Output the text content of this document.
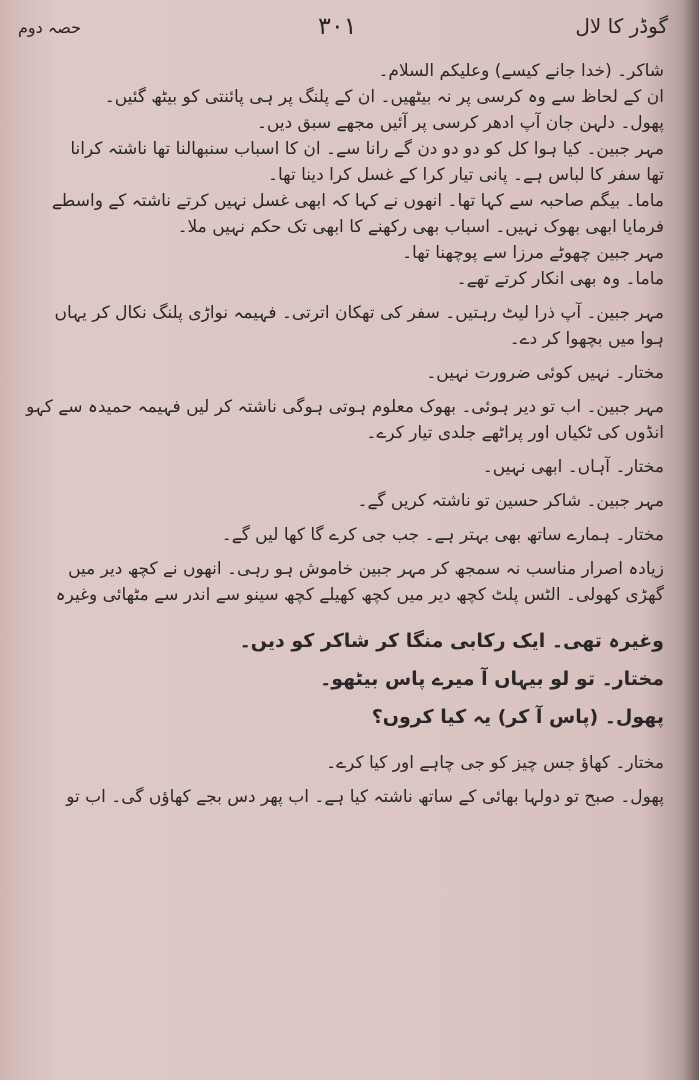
گوڈر کا لال
۳۰۱
حصہ دوم
شاکر۔ (خدا جانے کیسے) وعلیکم السلام۔
ان کے لحاظ سے وہ کرسی پر نہ بیٹھیں۔ ان کے پلنگ پر ہی پائنتی کو بیٹھ گئیں۔
پھول۔ دلہن جان آپ ادھر کرسی پر آئیں مجھے سبق دیں۔
مہر جبین۔ کیا ہوا کل کو دو دو دن گے رانا سے۔ ان کا اسباب سنبھالنا تھا ناشتہ کرانا
تھا سفر کا لباس ہے۔ پانی تیار کرا کے غسل کرا دینا تھا۔
ماما۔ بیگم صاحبہ سے کہا تھا۔ انھوں نے کہا کہ ابھی غسل نہیں کرتے ناشتہ کے واسطے
فرمایا ابھی بھوک نہیں۔ اسباب بھی رکھنے کا ابھی تک حکم نہیں ملا۔
مہر جبین چھوٹے مرزا سے پوچھنا تھا۔
ماما۔ وہ بھی انکار کرتے تھے۔
مہر جبین۔ آپ ذرا لیٹ رہتیں۔ سفر کی تھکان اترتی۔ فہیمہ نواڑی پلنگ نکال کر یہاں
ہوا میں بچھوا کر دے۔
مختار۔ نہیں کوئی ضرورت نہیں۔
مہر جبین۔ اب تو دیر ہوئی۔ بھوک معلوم ہوتی ہوگی ناشتہ کر لیں فہیمہ حمیدہ سے کہو
انڈوں کی ٹکیاں اور پراٹھے جلدی تیار کرے۔
مختار۔ آہاں۔ ابھی نہیں۔
مہر جبین۔ شاکر حسین تو ناشتہ کریں گے۔
مختار۔ ہمارے ساتھ بھی بہتر ہے۔ جب جی کرے گا کھا لیں گے۔
زیادہ اصرار مناسب نہ سمجھ کر مہر جبین خاموش ہو رہی۔ انھوں نے کچھ دیر میں
گھڑی کھولی۔ الٹس پلٹ کچھ دیر میں کچھ کھیلے کچھ سینو سے اندر سے مٹھائی وغیرہ
وغیرہ تھی۔ ایک رکابی منگا کر شاکر کو دیں۔
مختار۔ تو لو بیہاں آ میرے پاس بیٹھو۔
پھول۔ (پاس آ کر) یہ کیا کروں؟
مختار۔ کھاؤ جس چیز کو جی چاہے اور کیا کرے۔
پھول۔ صبح تو دولہا بھائی کے ساتھ ناشتہ کیا ہے۔ اب پھر دس بجے کھاؤں گی۔ اب تو
